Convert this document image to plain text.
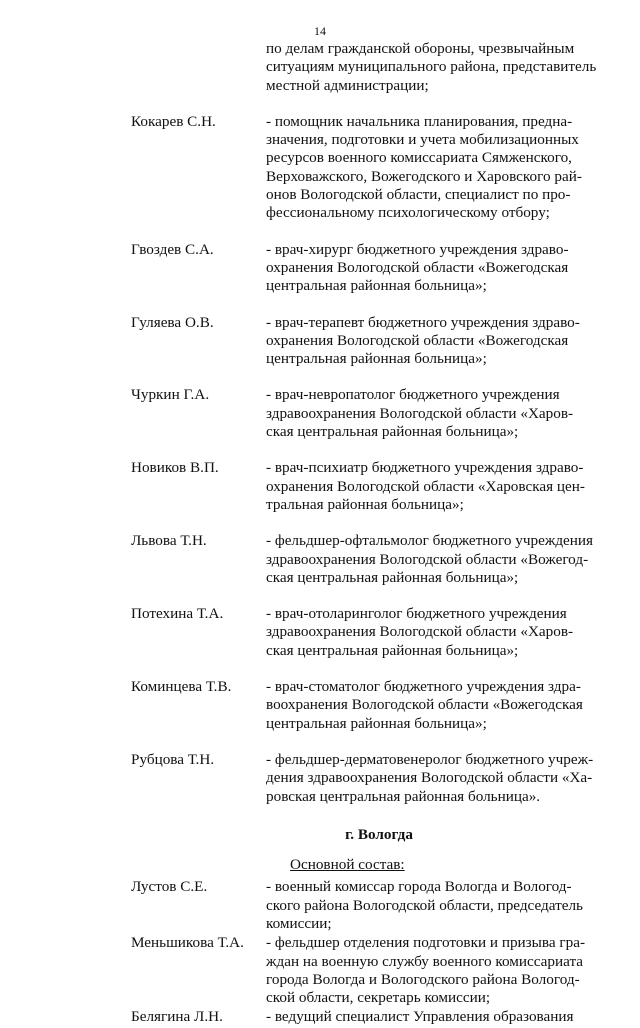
14
по делам гражданской обороны, чрезвычайным
ситуациям муниципального района, представитель
местной администрации;
Кокарев С.Н.	- помощник начальника планирования, предна-
значения, подготовки и учета мобилизационных
ресурсов военного комиссариата Сямженского,
Верховажского, Вожегодского и Харовского рай-
онов Вологодской области, специалист по про-
фессиональному психологическому отбору;
Гвоздев С.А.	- врач-хирург бюджетного учреждения здраво-
охранения Вологодской области «Вожегодская
центральная районная больница»;
Гуляева О.В.	- врач-терапевт бюджетного учреждения здраво-
охранения Вологодской области «Вожегодская
центральная районная больница»;
Чуркин Г.А.	- врач-невропатолог бюджетного учреждения
здравоохранения Вологодской области «Харов-
ская центральная районная больница»;
Новиков В.П.	- врач-психиатр бюджетного учреждения здраво-
охранения Вологодской области «Харовская цен-
тральная районная больница»;
Львова Т.Н.	- фельдшер-офтальмолог бюджетного учреждения
здравоохранения Вологодской области «Вожегод-
ская центральная районная больница»;
Потехина Т.А.	- врач-отоларинголог бюджетного учреждения
здравоохранения Вологодской области «Харов-
ская центральная районная больница»;
Коминцева Т.В.	- врач-стоматолог бюджетного учреждения здра-
воохранения Вологодской области «Вожегодская
центральная районная больница»;
Рубцова Т.Н.	- фельдшер-дерматовенеролог бюджетного учреж-
дения здравоохранения Вологодской области «Ха-
ровская центральная районная больница».
г. Вологда
Основной состав:
Лустов С.Е.	- военный комиссар города Вологда и Вологод-
ского района Вологодской области, председатель
комиссии;
Меньшикова Т.А.	- фельдшер отделения подготовки и призыва гра-
ждан на военную службу военного комиссариата
города Вологда и Вологодского района Вологод-
ской области, секретарь комиссии;
Белягина Л.Н.	- ведущий специалист Управления образования
